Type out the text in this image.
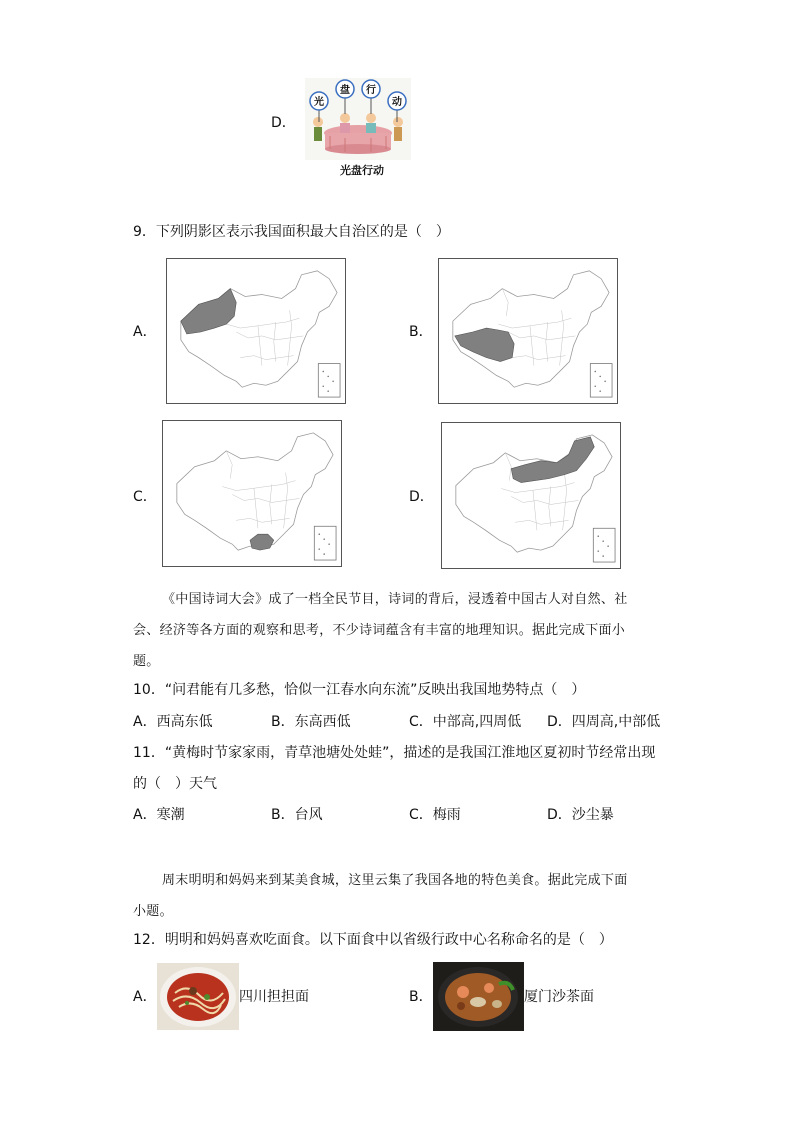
D．
光
盘 行
动
光盘行动
9．下列阴影区表示我国面积最大自治区的是（　）
A．	B．
C．	D．
《中国诗词大会》成了一档全民节目，诗词的背后，浸透着中国古人对自然、社
会、经济等各方面的观察和思考，不少诗词蕴含有丰富的地理知识。据此完成下面小
题。
10．“问君能有几多愁，恰似一江春水向东流”反映出我国地势特点（　）
A．西高东低	B．东高西低	C．中部高,四周低 D．四周高,中部低
11．“黄梅时节家家雨，青草池塘处处蛙”，描述的是我国江淮地区夏初时节经常出现
的（　）天气
A．寒潮	B．台风	C．梅雨	D．沙尘暴
周末明明和妈妈来到某美食城，这里云集了我国各地的特色美食。据此完成下面
小题。
12．明明和妈妈喜欢吃面食。以下面食中以省级行政中心名称命名的是（　）
A．	四川担担面	B．	厦门沙茶面
